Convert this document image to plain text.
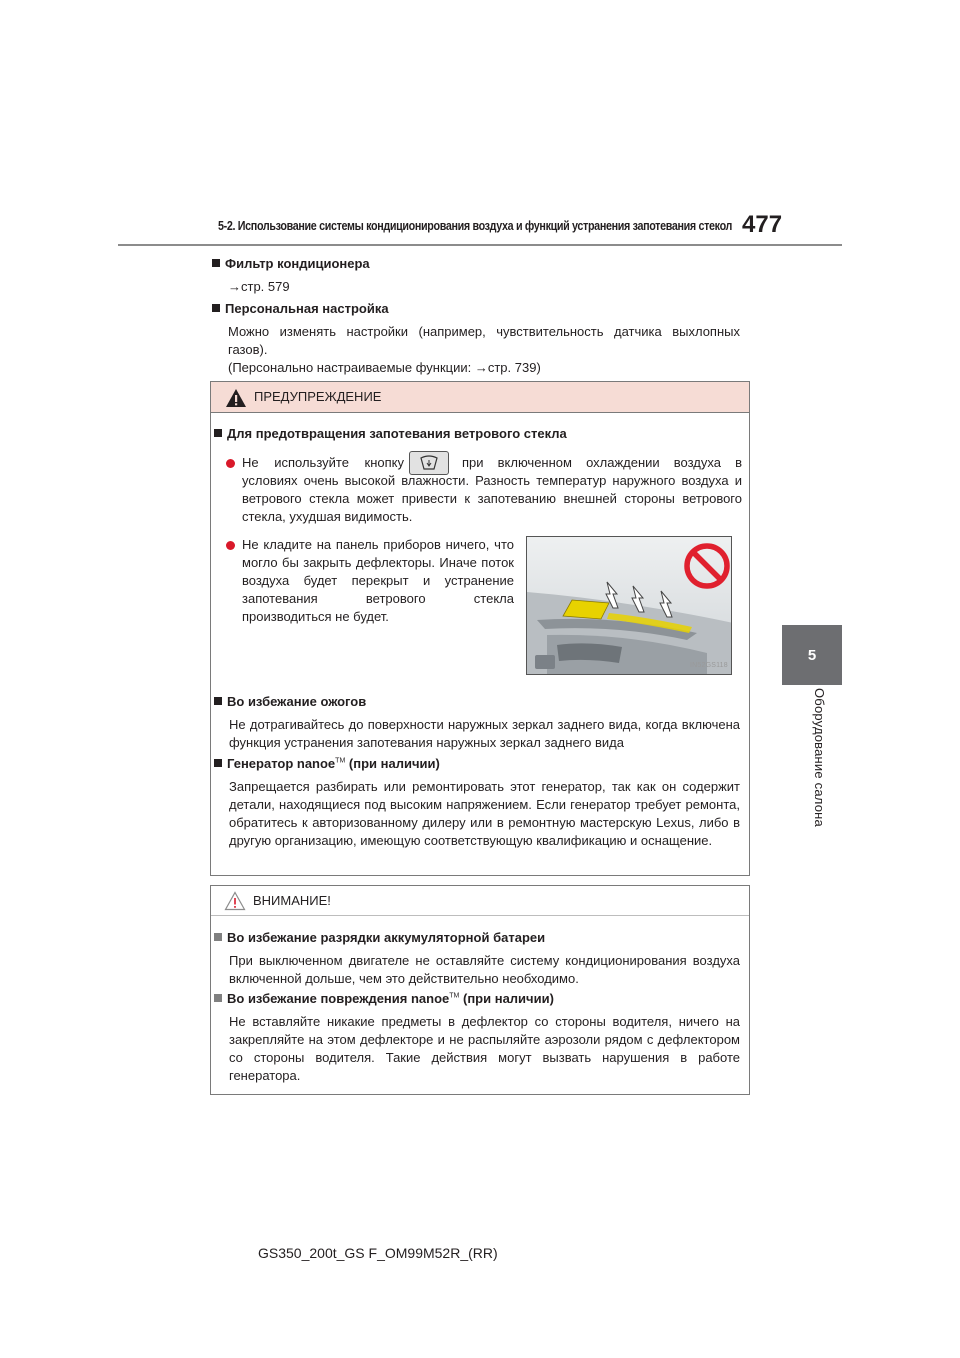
5-2. Использование системы кондиционирования воздуха и функций устранения запотевания стекол 477
5
Оборудование салона
Фильтр кондиционера
→стр. 579
Персональная настройка
Можно изменять настройки (например, чувствительность датчика выхлопных
газов).
(Персонально настраиваемые функции: →стр. 739)
ПРЕДУПРЕЖДЕНИЕ
Для предотвращения запотевания ветрового стекла
Не используйте кнопку	при включенном охлаждении воздуха в
условиях очень высокой влажности. Разность температур наружного воздуха и ветрового стекла может привести к запотеванию внешней стороны ветрового стекла, ухудшая видимость.
Не кладите на панель приборов ничего, что могло бы закрыть дефлекторы. Иначе поток воздуха будет перекрыт и устранение запотевания ветрового стекла производиться не будет.
IN52GS118
Во избежание ожогов
Не дотрагивайтесь до поверхности наружных зеркал заднего вида, когда включена функция устранения запотевания наружных зеркал заднего вида
Генератор nanoe™ (при наличии)
Запрещается разбирать или ремонтировать этот генератор, так как он содержит детали, находящиеся под высоким напряжением. Если генератор требует ремонта, обратитесь к авторизованному дилеру или в ремонтную мастерскую Lexus, либо в другую организацию, имеющую соответствующую квалификацию и оснащение.
ВНИМАНИЕ!
Во избежание разрядки аккумуляторной батареи
При выключенном двигателе не оставляйте систему кондиционирования воздуха включенной дольше, чем это действительно необходимо.
Во избежание повреждения nanoe™ (при наличии)
Не вставляйте никакие предметы в дефлектор со стороны водителя, ничего на закрепляйте на этом дефлекторе и не распыляйте аэрозоли рядом с дефлектором со стороны водителя. Такие действия могут вызвать нарушения в работе генератора.
GS350_200t_GS F_OM99M52R_(RR)
